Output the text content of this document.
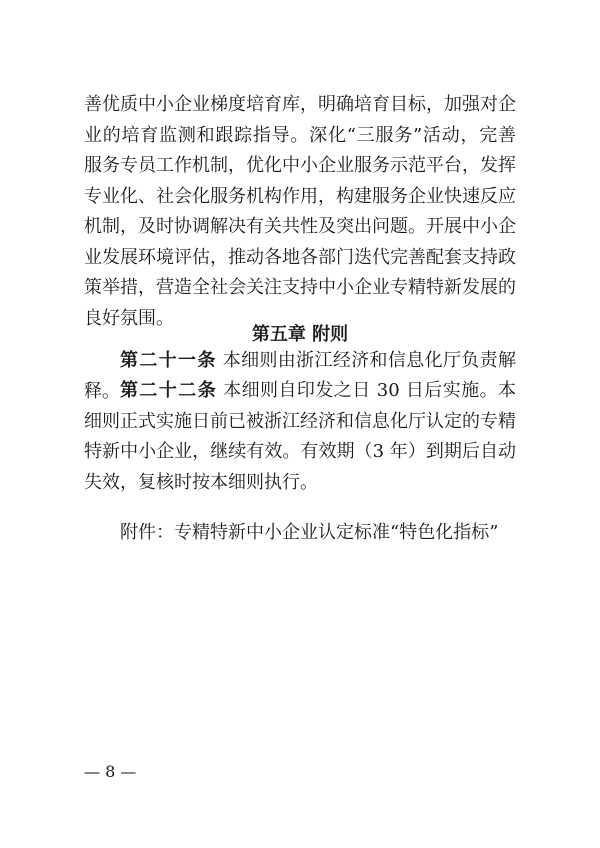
善优质中小企业梯度培育库，明确培育目标，加强对企业的培育监测和跟踪指导。深化“三服务”活动，完善服务专员工作机制，优化中小企业服务示范平台，发挥专业化、社会化服务机构作用，构建服务企业快速反应机制，及时协调解决有关共性及突出问题。开展中小企业发展环境评估，推动各地各部门迭代完善配套支持政策举措，营造全社会关注支持中小企业专精特新发展的良好氛围。

第五章 附则

第二十一条 本细则由浙江经济和信息化厅负责解释。 第二十二条 本细则自印发之日 30 日后实施。本细则正式实施日前已被浙江经济和信息化厅认定的专精特新中小企业，继续有效。有效期（3 年）到期后自动失效，复核时按本细则执行。

附件：专精特新中小企业认定标准“特色化指标”

— 8 —
